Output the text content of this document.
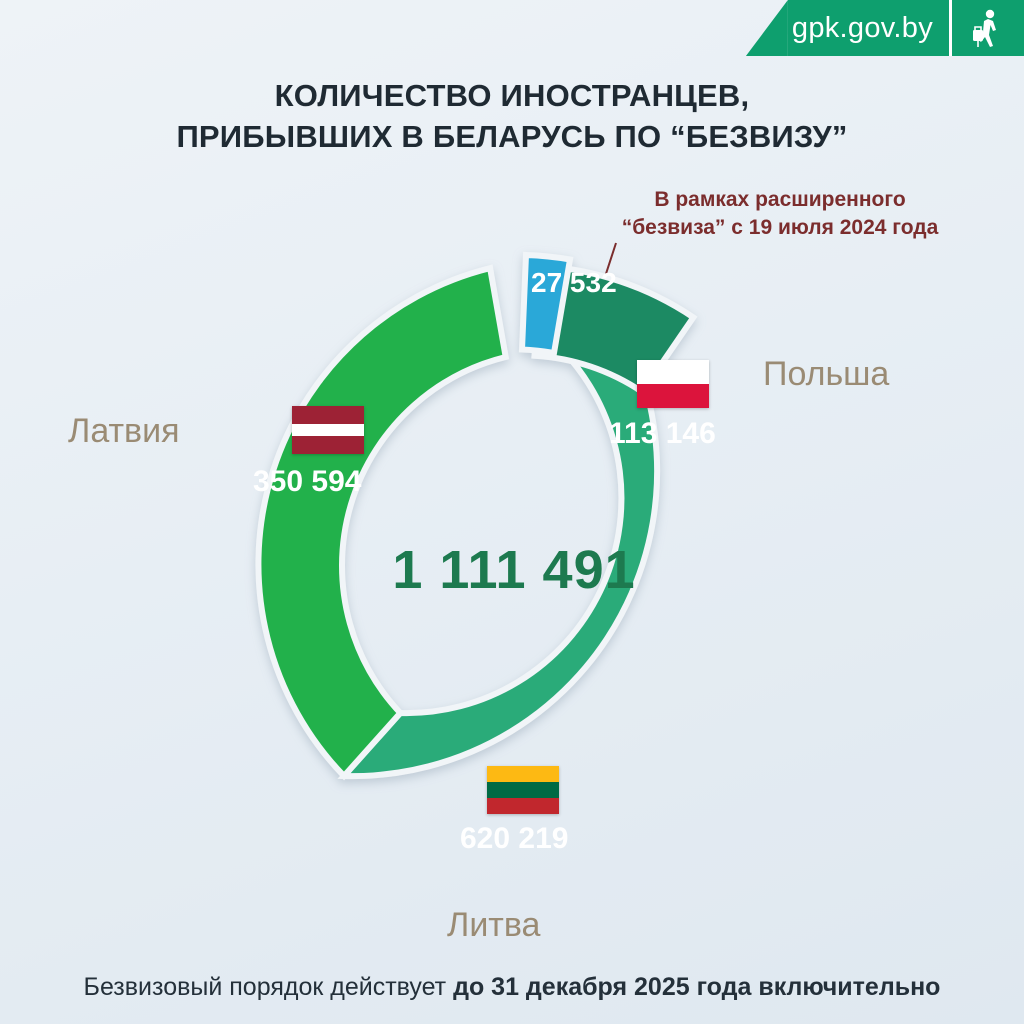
gpk.gov.by
КОЛИЧЕСТВО ИНОСТРАНЦЕВ,
ПРИБЫВШИХ В БЕЛАРУСЬ ПО “БЕЗВИЗУ”
В рамках расширенного
“безвиза” с 19 июля 2024 года
1 111 491
350 594
620 219
113 146
27 532
Латвия
Польша
Литва
Безвизовый порядок действует до 31 декабря 2025 года включительно
